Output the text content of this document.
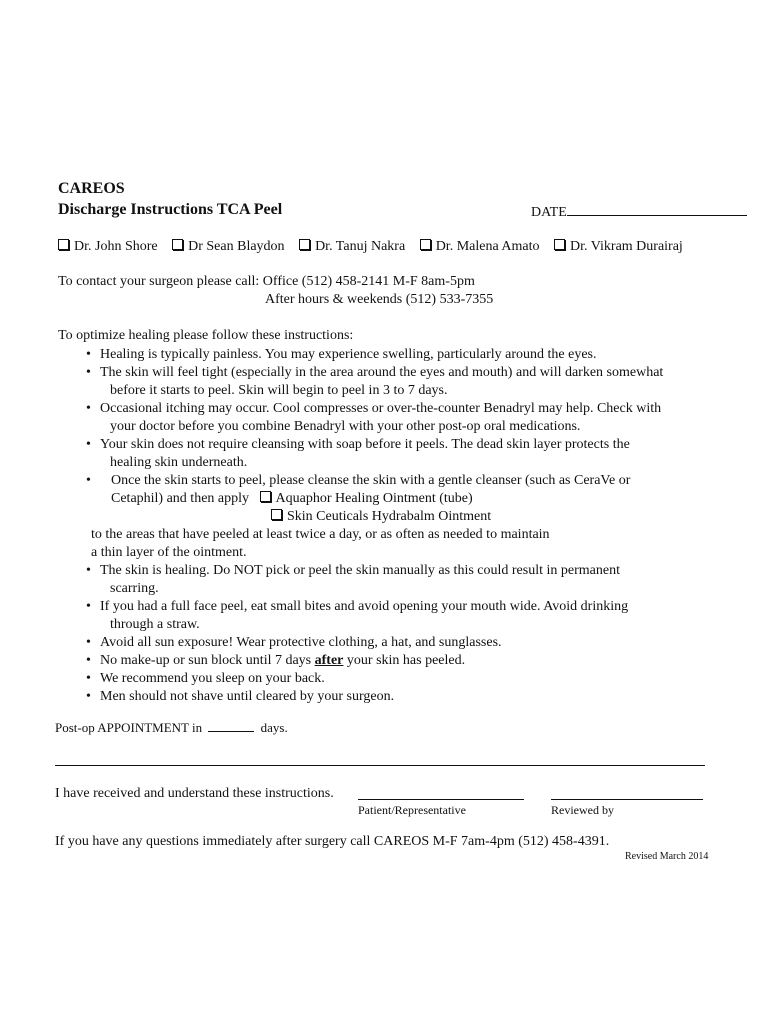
CAREOS
Discharge Instructions TCA Peel	DATE
Dr. John Shore Dr Sean Blaydon Dr. Tanuj Nakra Dr. Malena Amato Dr. Vikram Durairaj
To contact your surgeon please call: Office (512) 458-2141 M-F 8am-5pm
After hours & weekends (512) 533-7355
To optimize healing please follow these instructions:
• Healing is typically painless. You may experience swelling, particularly around the eyes.
• The skin will feel tight (especially in the area around the eyes and mouth) and will darken somewhat
before it starts to peel. Skin will begin to peel in 3 to 7 days.
• Occasional itching may occur. Cool compresses or over-the-counter Benadryl may help. Check with
your doctor before you combine Benadryl with your other post-op oral medications.
• Your skin does not require cleansing with soap before it peels. The dead skin layer protects the
healing skin underneath.
• Once the skin starts to peel, please cleanse the skin with a gentle cleanser (such as CeraVe or
Cetaphil) and then apply Aquaphor Healing Ointment (tube)
Skin Ceuticals Hydrabalm Ointment
to the areas that have peeled at least twice a day, or as often as needed to maintain
a thin layer of the ointment.
• The skin is healing. Do NOT pick or peel the skin manually as this could result in permanent
scarring.
• If you had a full face peel, eat small bites and avoid opening your mouth wide. Avoid drinking
through a straw.
• Avoid all sun exposure! Wear protective clothing, a hat, and sunglasses.
• No make-up or sun block until 7 days after your skin has peeled.
• We recommend you sleep on your back.
• Men should not shave until cleared by your surgeon.
Post-op APPOINTMENT in	days.
I have received and understand these instructions.
Patient/Representative	Reviewed by
If you have any questions immediately after surgery call CAREOS M-F 7am-4pm (512) 458-4391.
Revised March 2014
